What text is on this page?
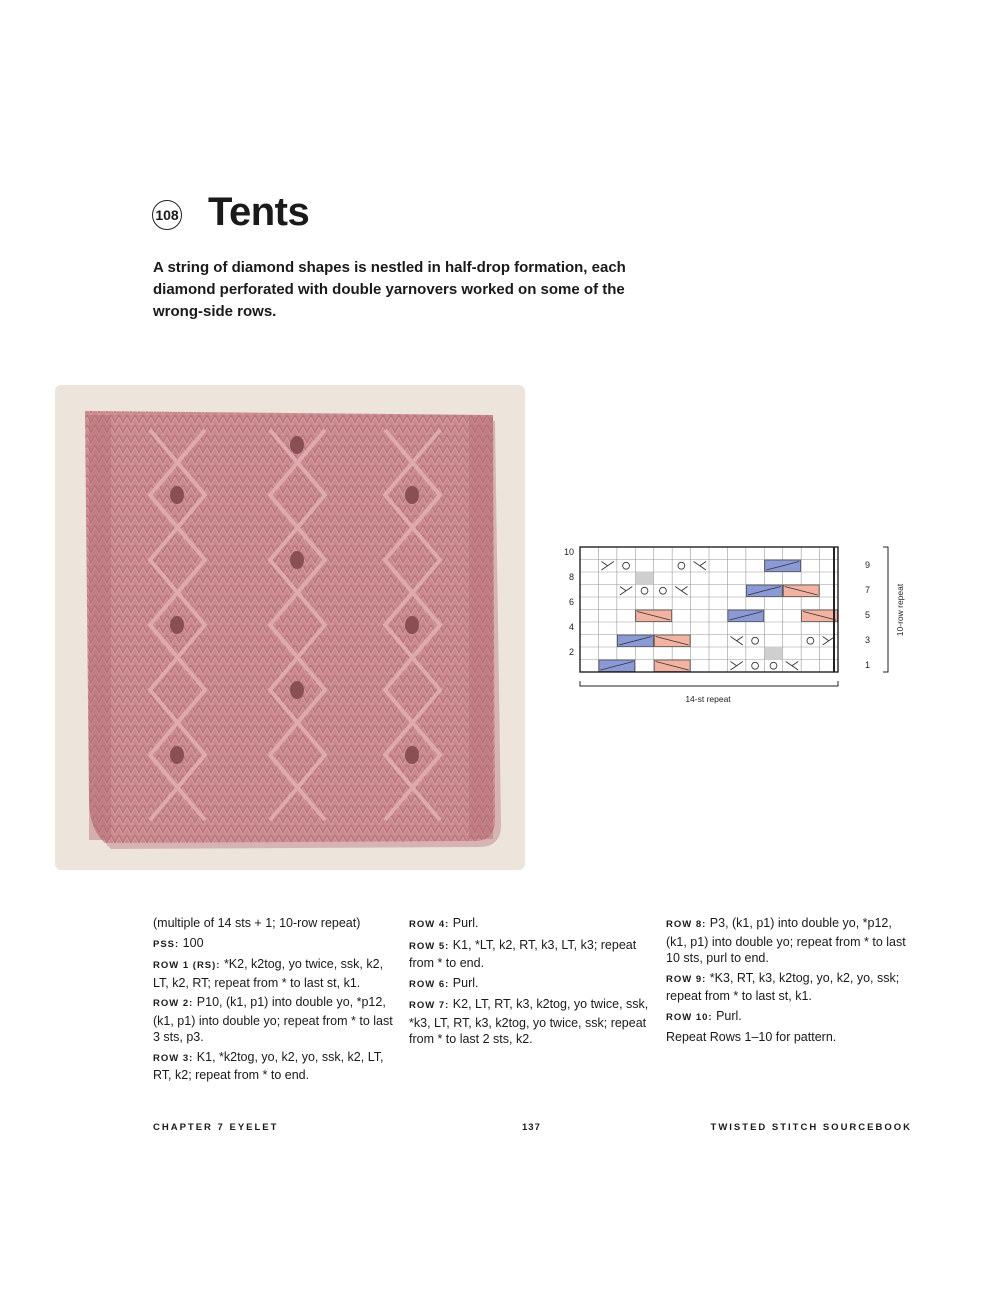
108 Tents
A string of diamond shapes is nestled in half-drop formation, each diamond perforated with double yarnovers worked on some of the wrong-side rows.
10
8
6
4
2
9
7
5
3
1
14-st repeat
10-row repeat

(multiple of 14 sts + 1; 10-row repeat)

PSS: 100

ROW 1 (RS): *K2, k2tog, yo twice, ssk, k2, LT, k2, RT; repeat from * to last st, k1.

ROW 2: P10, (k1, p1) into double yo, *p12, (k1, p1) into double yo; repeat from * to last 3 sts, p3.

ROW 3: K1, *k2tog, yo, k2, yo, ssk, k2, LT, RT, k2; repeat from * to end.

ROW 4: Purl.

ROW 5: K1, *LT, k2, RT, k3, LT, k3; repeat from * to end.

ROW 6: Purl.

ROW 7: K2, LT, RT, k3, k2tog, yo twice, ssk, *k3, LT, RT, k3, k2tog, yo twice, ssk; repeat from * to last 2 sts, k2.

ROW 8: P3, (k1, p1) into double yo, *p12, (k1, p1) into double yo; repeat from * to last 10 sts, purl to end.

ROW 9: *K3, RT, k3, k2tog, yo, k2, yo, ssk; repeat from * to last st, k1.

ROW 10: Purl.

Repeat Rows 1–10 for pattern.

CHAPTER 7 EYELET	137	TWISTED STITCH SOURCEBOOK
